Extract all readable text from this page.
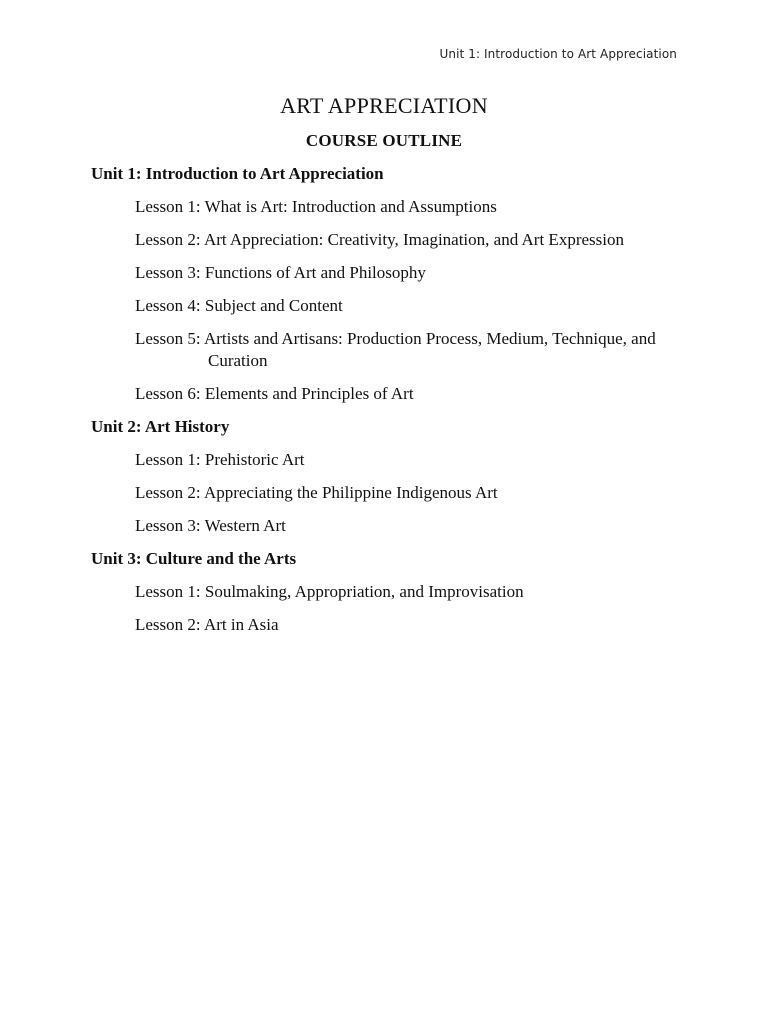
Unit 1: Introduction to Art Appreciation
ART APPRECIATION
COURSE OUTLINE
Unit 1: Introduction to Art Appreciation
Lesson 1: What is Art: Introduction and Assumptions
Lesson 2: Art Appreciation: Creativity, Imagination, and Art Expression
Lesson 3: Functions of Art and Philosophy
Lesson 4: Subject and Content
Lesson 5: Artists and Artisans: Production Process, Medium, Technique, and Curation
Lesson 6: Elements and Principles of Art
Unit 2: Art History
Lesson 1: Prehistoric Art
Lesson 2: Appreciating the Philippine Indigenous Art
Lesson 3: Western Art
Unit 3: Culture and the Arts
Lesson 1: Soulmaking, Appropriation, and Improvisation
Lesson 2: Art in Asia
